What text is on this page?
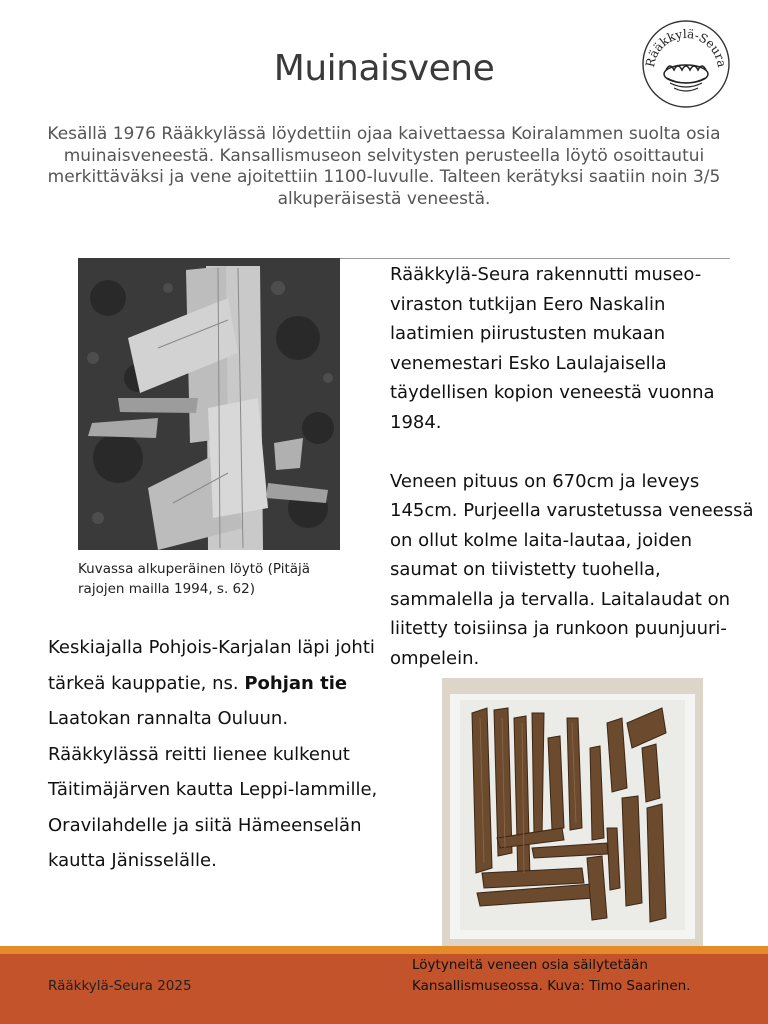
Muinaisvene	Rääkkylä-Seura
Kesällä 1976 Rääkkylässä löydettiin ojaa kaivettaessa Koiralammen suolta osia muinaisveneestä. Kansallismuseon selvitysten perusteella löytö osoittautui merkittäväksi ja vene ajoitettiin 1100-luvulle. Talteen kerätyksi saatiin noin 3/5 alkuperäisestä veneestä.
Kuvassa alkuperäinen löytö (Pitäjä rajojen mailla 1994, s. 62)

Rääkkylä-Seura rakennutti museo-viraston tutkijan Eero Naskalin laatimien piirustusten mukaan venemestari Esko Laulajaisella täydellisen kopion veneestä vuonna 1984.

Veneen pituus on 670cm ja leveys 145cm. Purjeella varustetussa veneessä on ollut kolme laita-lautaa, joiden saumat on tiivistetty tuohella, sammalella ja tervalla. Laitalaudat on liitetty toisiinsa ja runkoon puunjuuri-ompelein.

Keskiajalla Pohjois-Karjalan läpi johti tärkeä kauppatie, ns. Pohjan tie Laatokan rannalta Ouluun. Rääkkylässä reitti lienee kulkenut Täitimäjärven kautta Leppi-lammille, Oravilahdelle ja siitä Hämeenselän kautta Jänisselälle.
Rääkkylä-Seura 2025
Löytyneitä veneen osia säilytetään Kansallismuseossa. Kuva: Timo Saarinen.
